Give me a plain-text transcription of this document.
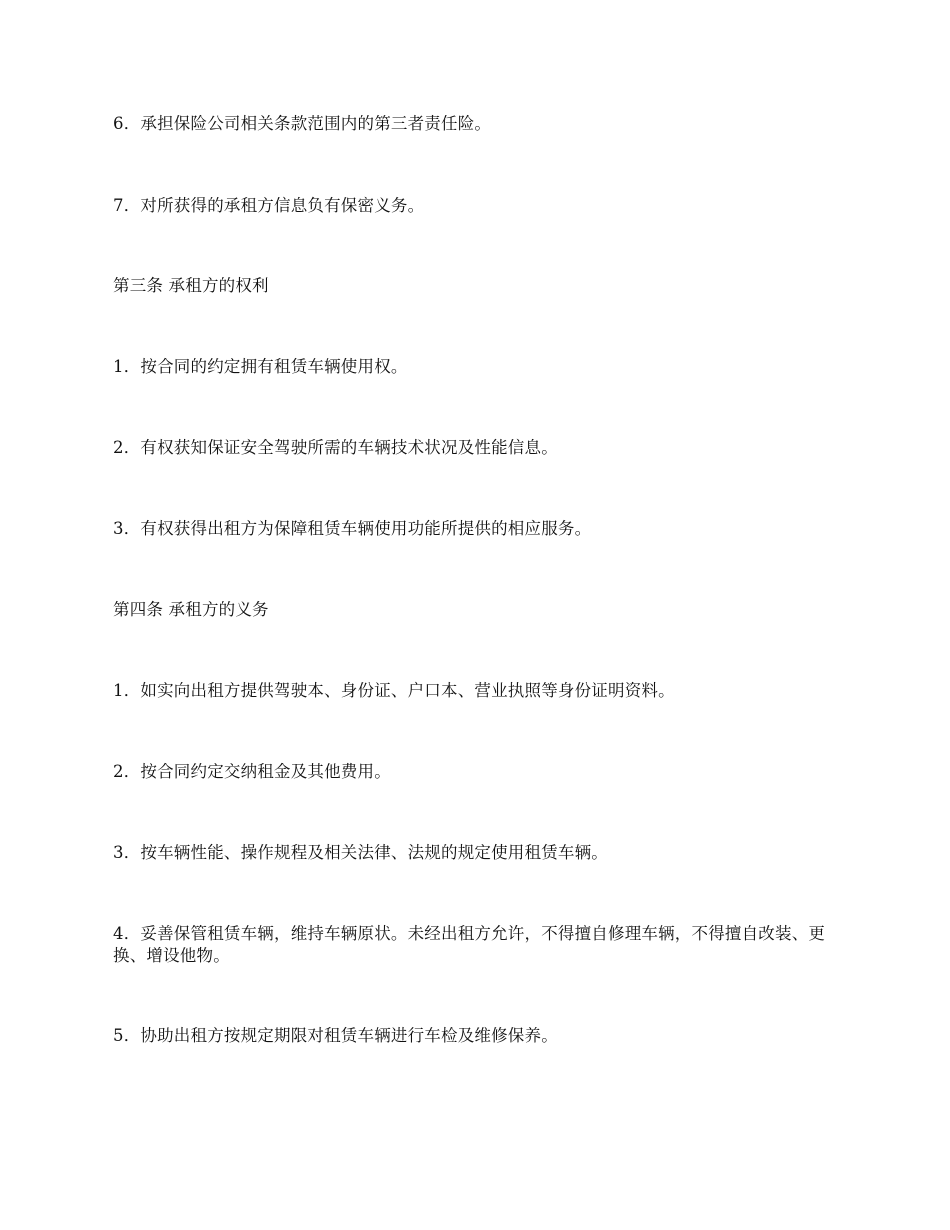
6．承担保险公司相关条款范围内的第三者责任险。
7．对所获得的承租方信息负有保密义务。
第三条 承租方的权利
1．按合同的约定拥有租赁车辆使用权。
2．有权获知保证安全驾驶所需的车辆技术状况及性能信息。
3．有权获得出租方为保障租赁车辆使用功能所提供的相应服务。
第四条 承租方的义务
1．如实向出租方提供驾驶本、身份证、户口本、营业执照等身份证明资料。
2．按合同约定交纳租金及其他费用。
3．按车辆性能、操作规程及相关法律、法规的规定使用租赁车辆。
4．妥善保管租赁车辆，维持车辆原状。未经出租方允许，不得擅自修理车辆，不得擅自改装、更换、增设他物。
5．协助出租方按规定期限对租赁车辆进行车检及维修保养。
